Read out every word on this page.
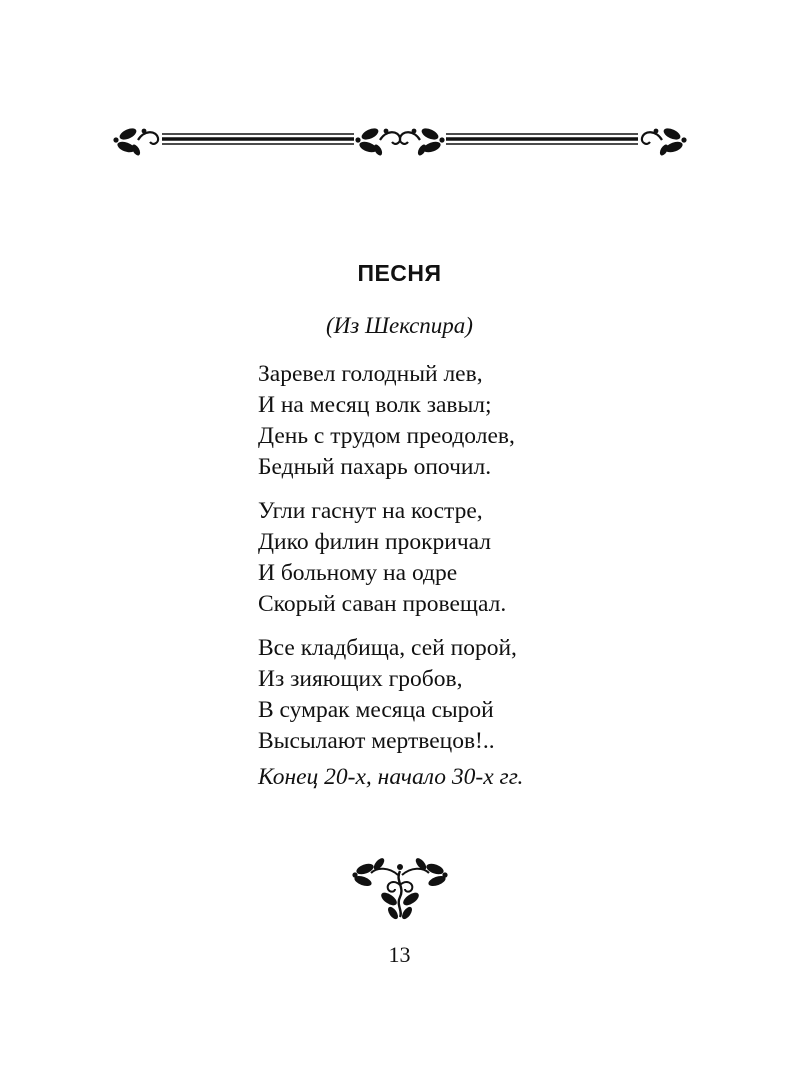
ПЕСНЯ

(Из Шекспира)

Заревел голодный лев,
И на месяц волк завыл;
День с трудом преодолев,
Бедный пахарь опочил.
Угли гаснут на костре,
Дико филин прокричал
И больному на одре
Скорый саван провещал.
Все кладбища, сей порой,
Из зияющих гробов,
В сумрак месяца сырой
Высылают мертвецов!..
Конец 20-х, начало 30-х гг.
13
